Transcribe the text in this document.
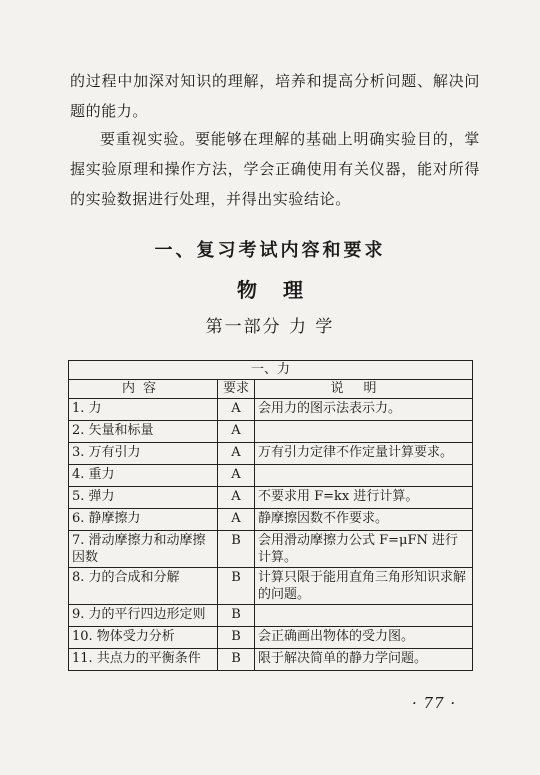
的过程中加深对知识的理解，培养和提高分析问题、解决问题的能力。

要重视实验。要能够在理解的基础上明确实验目的，掌握实验原理和操作方法，学会正确使用有关仪器，能对所得的实验数据进行处理，并得出实验结论。

一、复习考试内容和要求
物理
第一部分 力 学
一、力		
内容	要求	说明
1. 力	A	会用力的图示法表示力。
2. 矢量和标量	A	
3. 万有引力	A	万有引力定律不作定量计算要求。
4. 重力	A	
5. 弹力	A	不要求用 F=kx 进行计算。
6. 静摩擦力	A	静摩擦因数不作要求。
7. 滑动摩擦力和动摩擦因数	B	会用滑动摩擦力公式 F=μFN 进行计算。
8. 力的合成和分解	B	计算只限于能用直角三角形知识求解的问题。
9. 力的平行四边形定则	B	
10. 物体受力分析	B	会正确画出物体的受力图。
11. 共点力的平衡条件	B	限于解决简单的静力学问题。
· 77 ·
